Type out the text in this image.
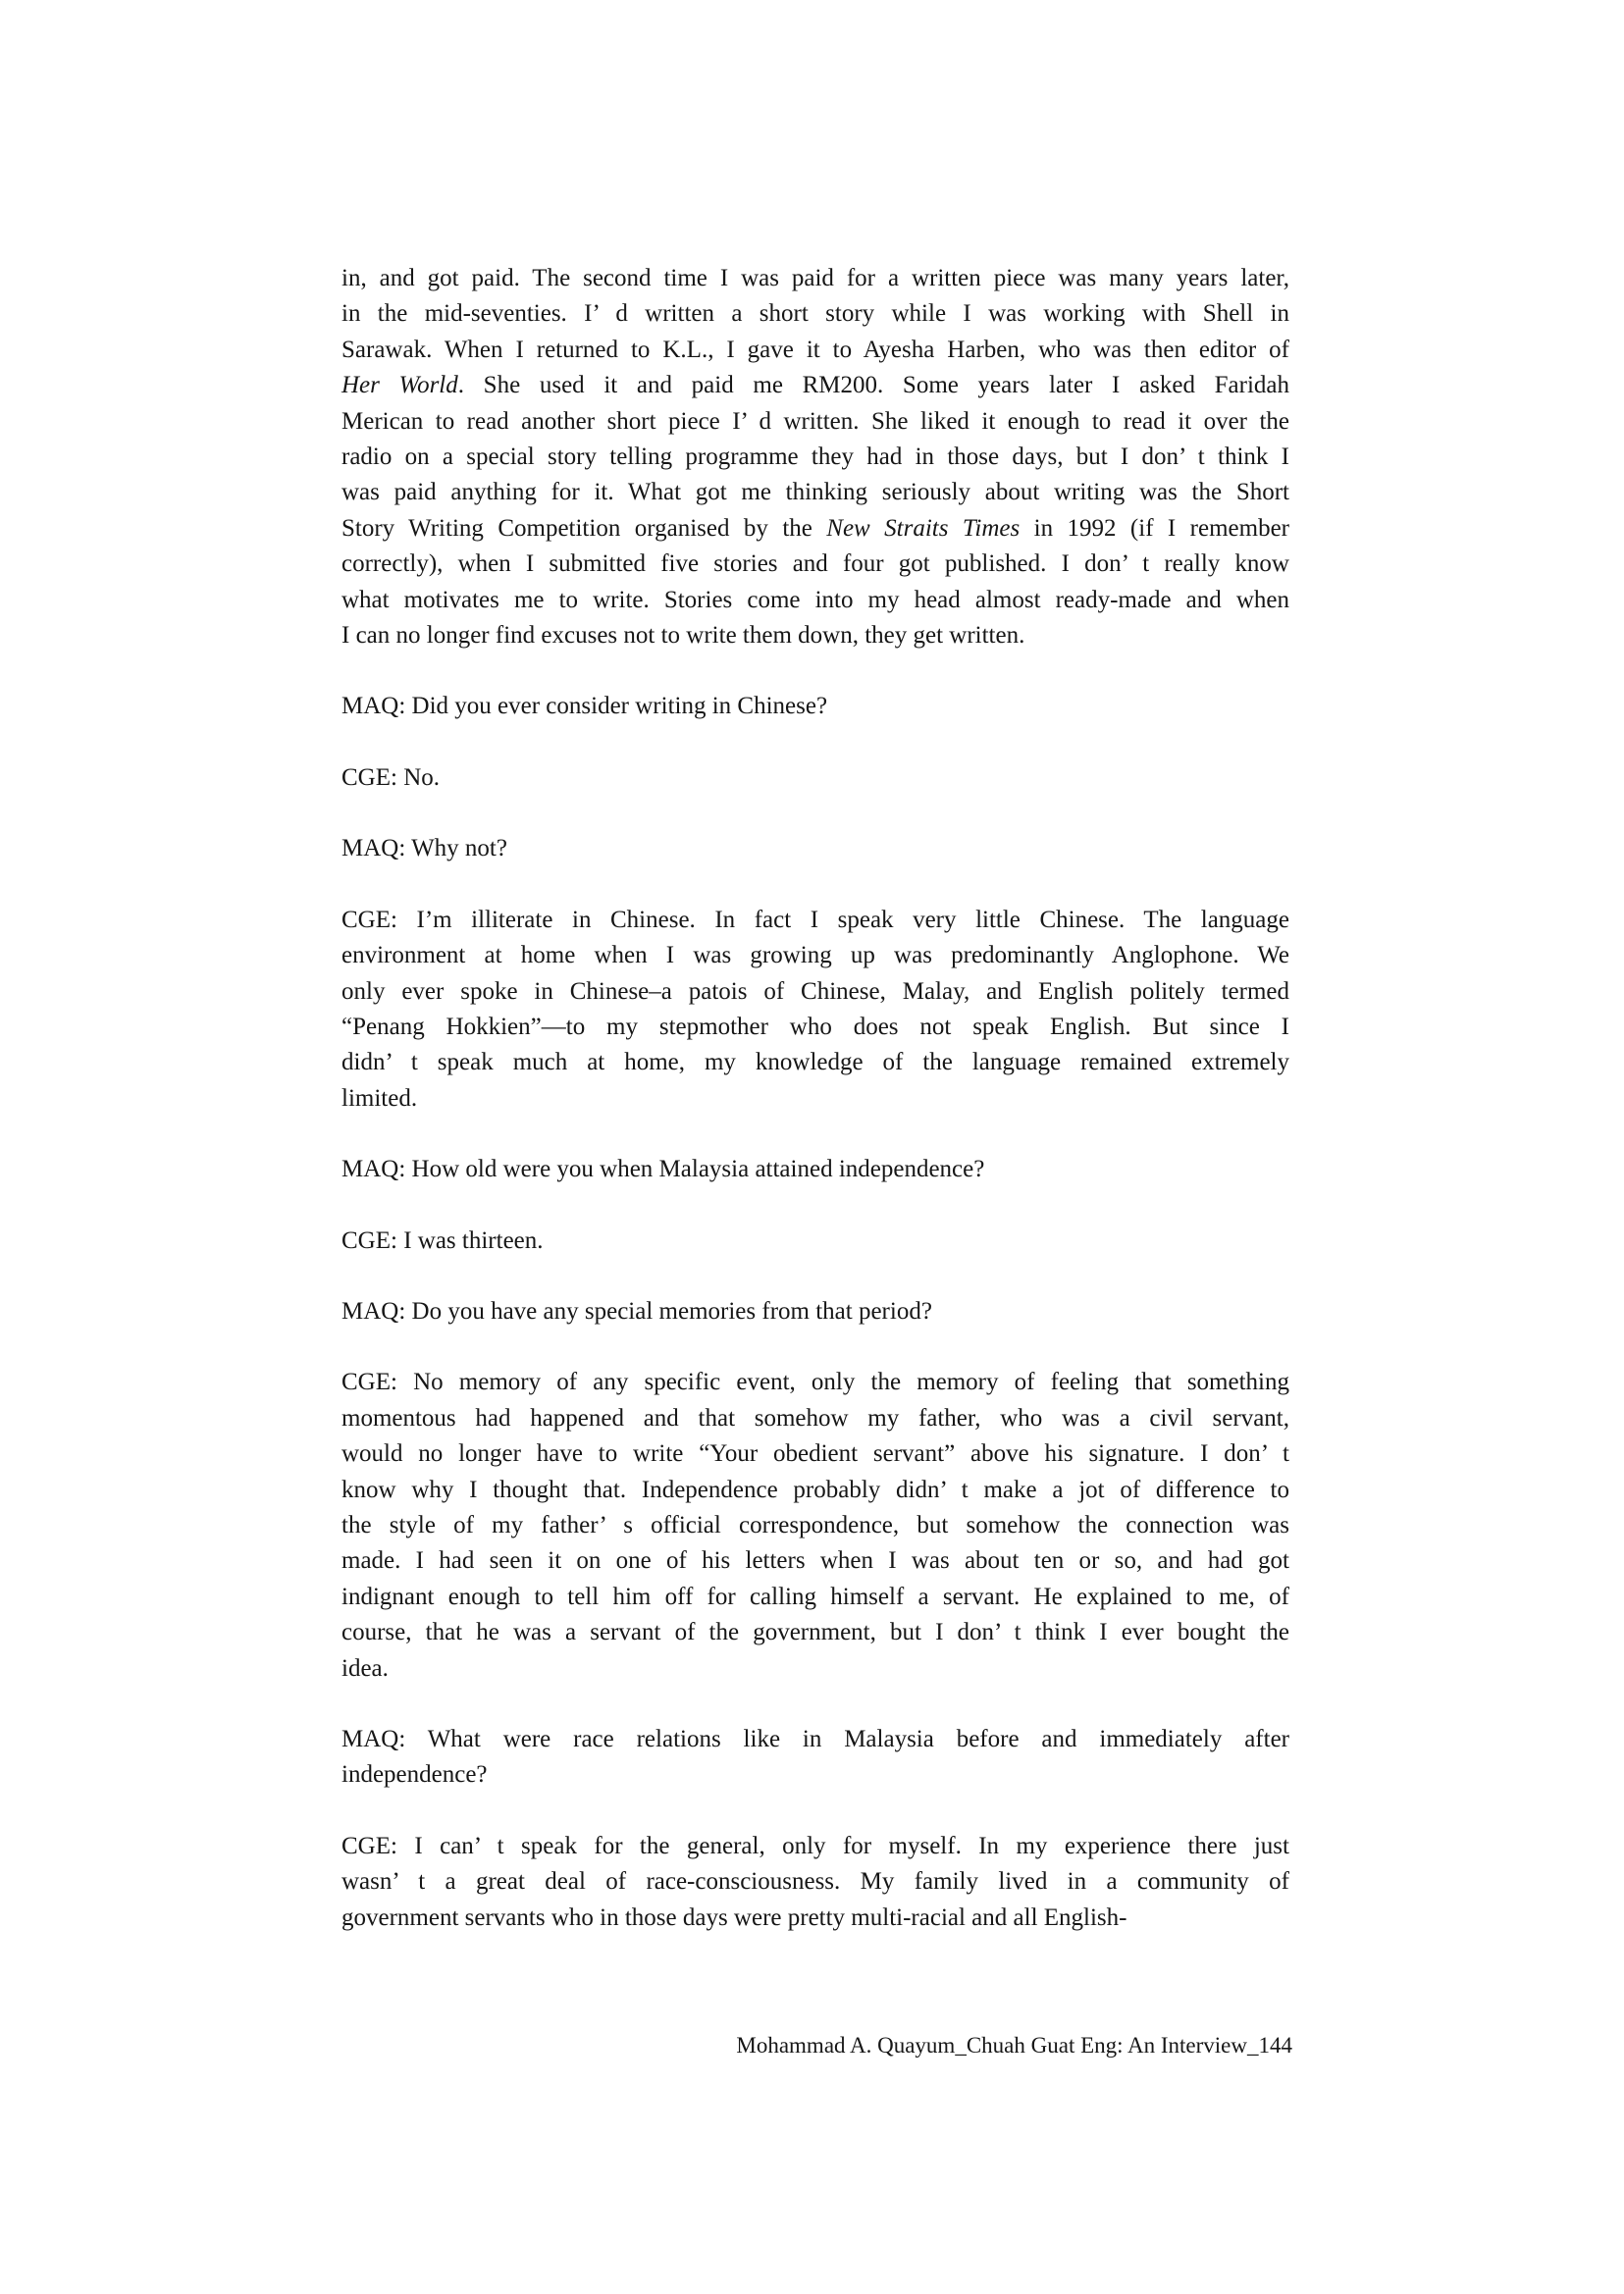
in, and got paid. The second time I was paid for a written piece was many years later,
in the mid-seventies. I’ d written a short story while I was working with Shell in
Sarawak. When I returned to K.L., I gave it to Ayesha Harben, who was then editor of
Her World. She used it and paid me RM200. Some years later I asked Faridah
Merican to read another short piece I’ d written. She liked it enough to read it over the
radio on a special story telling programme they had in those days, but I don’ t think I
was paid anything for it. What got me thinking seriously about writing was the Short
Story Writing Competition organised by the New Straits Times in 1992 (if I remember
correctly), when I submitted five stories and four got published. I don’ t really know
what motivates me to write. Stories come into my head almost ready-made and when
I can no longer find excuses not to write them down, they get written.
MAQ: Did you ever consider writing in Chinese?
CGE: No.
MAQ: Why not?
CGE: I’m illiterate in Chinese. In fact I speak very little Chinese. The language
environment at home when I was growing up was predominantly Anglophone. We
only ever spoke in Chinese–a patois of Chinese, Malay, and English politely termed
“Penang Hokkien”—to my stepmother who does not speak English. But since I
didn’ t speak much at home, my knowledge of the language remained extremely
limited.
MAQ: How old were you when Malaysia attained independence?
CGE: I was thirteen.
MAQ: Do you have any special memories from that period?
CGE: No memory of any specific event, only the memory of feeling that something
momentous had happened and that somehow my father, who was a civil servant,
would no longer have to write “Your obedient servant” above his signature. I don’ t
know why I thought that. Independence probably didn’ t make a jot of difference to
the style of my father’ s official correspondence, but somehow the connection was
made. I had seen it on one of his letters when I was about ten or so, and had got
indignant enough to tell him off for calling himself a servant. He explained to me, of
course, that he was a servant of the government, but I don’ t think I ever bought the
idea.
MAQ: What were race relations like in Malaysia before and immediately after
independence?
CGE: I can’ t speak for the general, only for myself. In my experience there just
wasn’ t a great deal of race-consciousness. My family lived in a community of
government servants who in those days were pretty multi-racial and all English-
Mohammad A. Quayum_Chuah Guat Eng: An Interview_144
